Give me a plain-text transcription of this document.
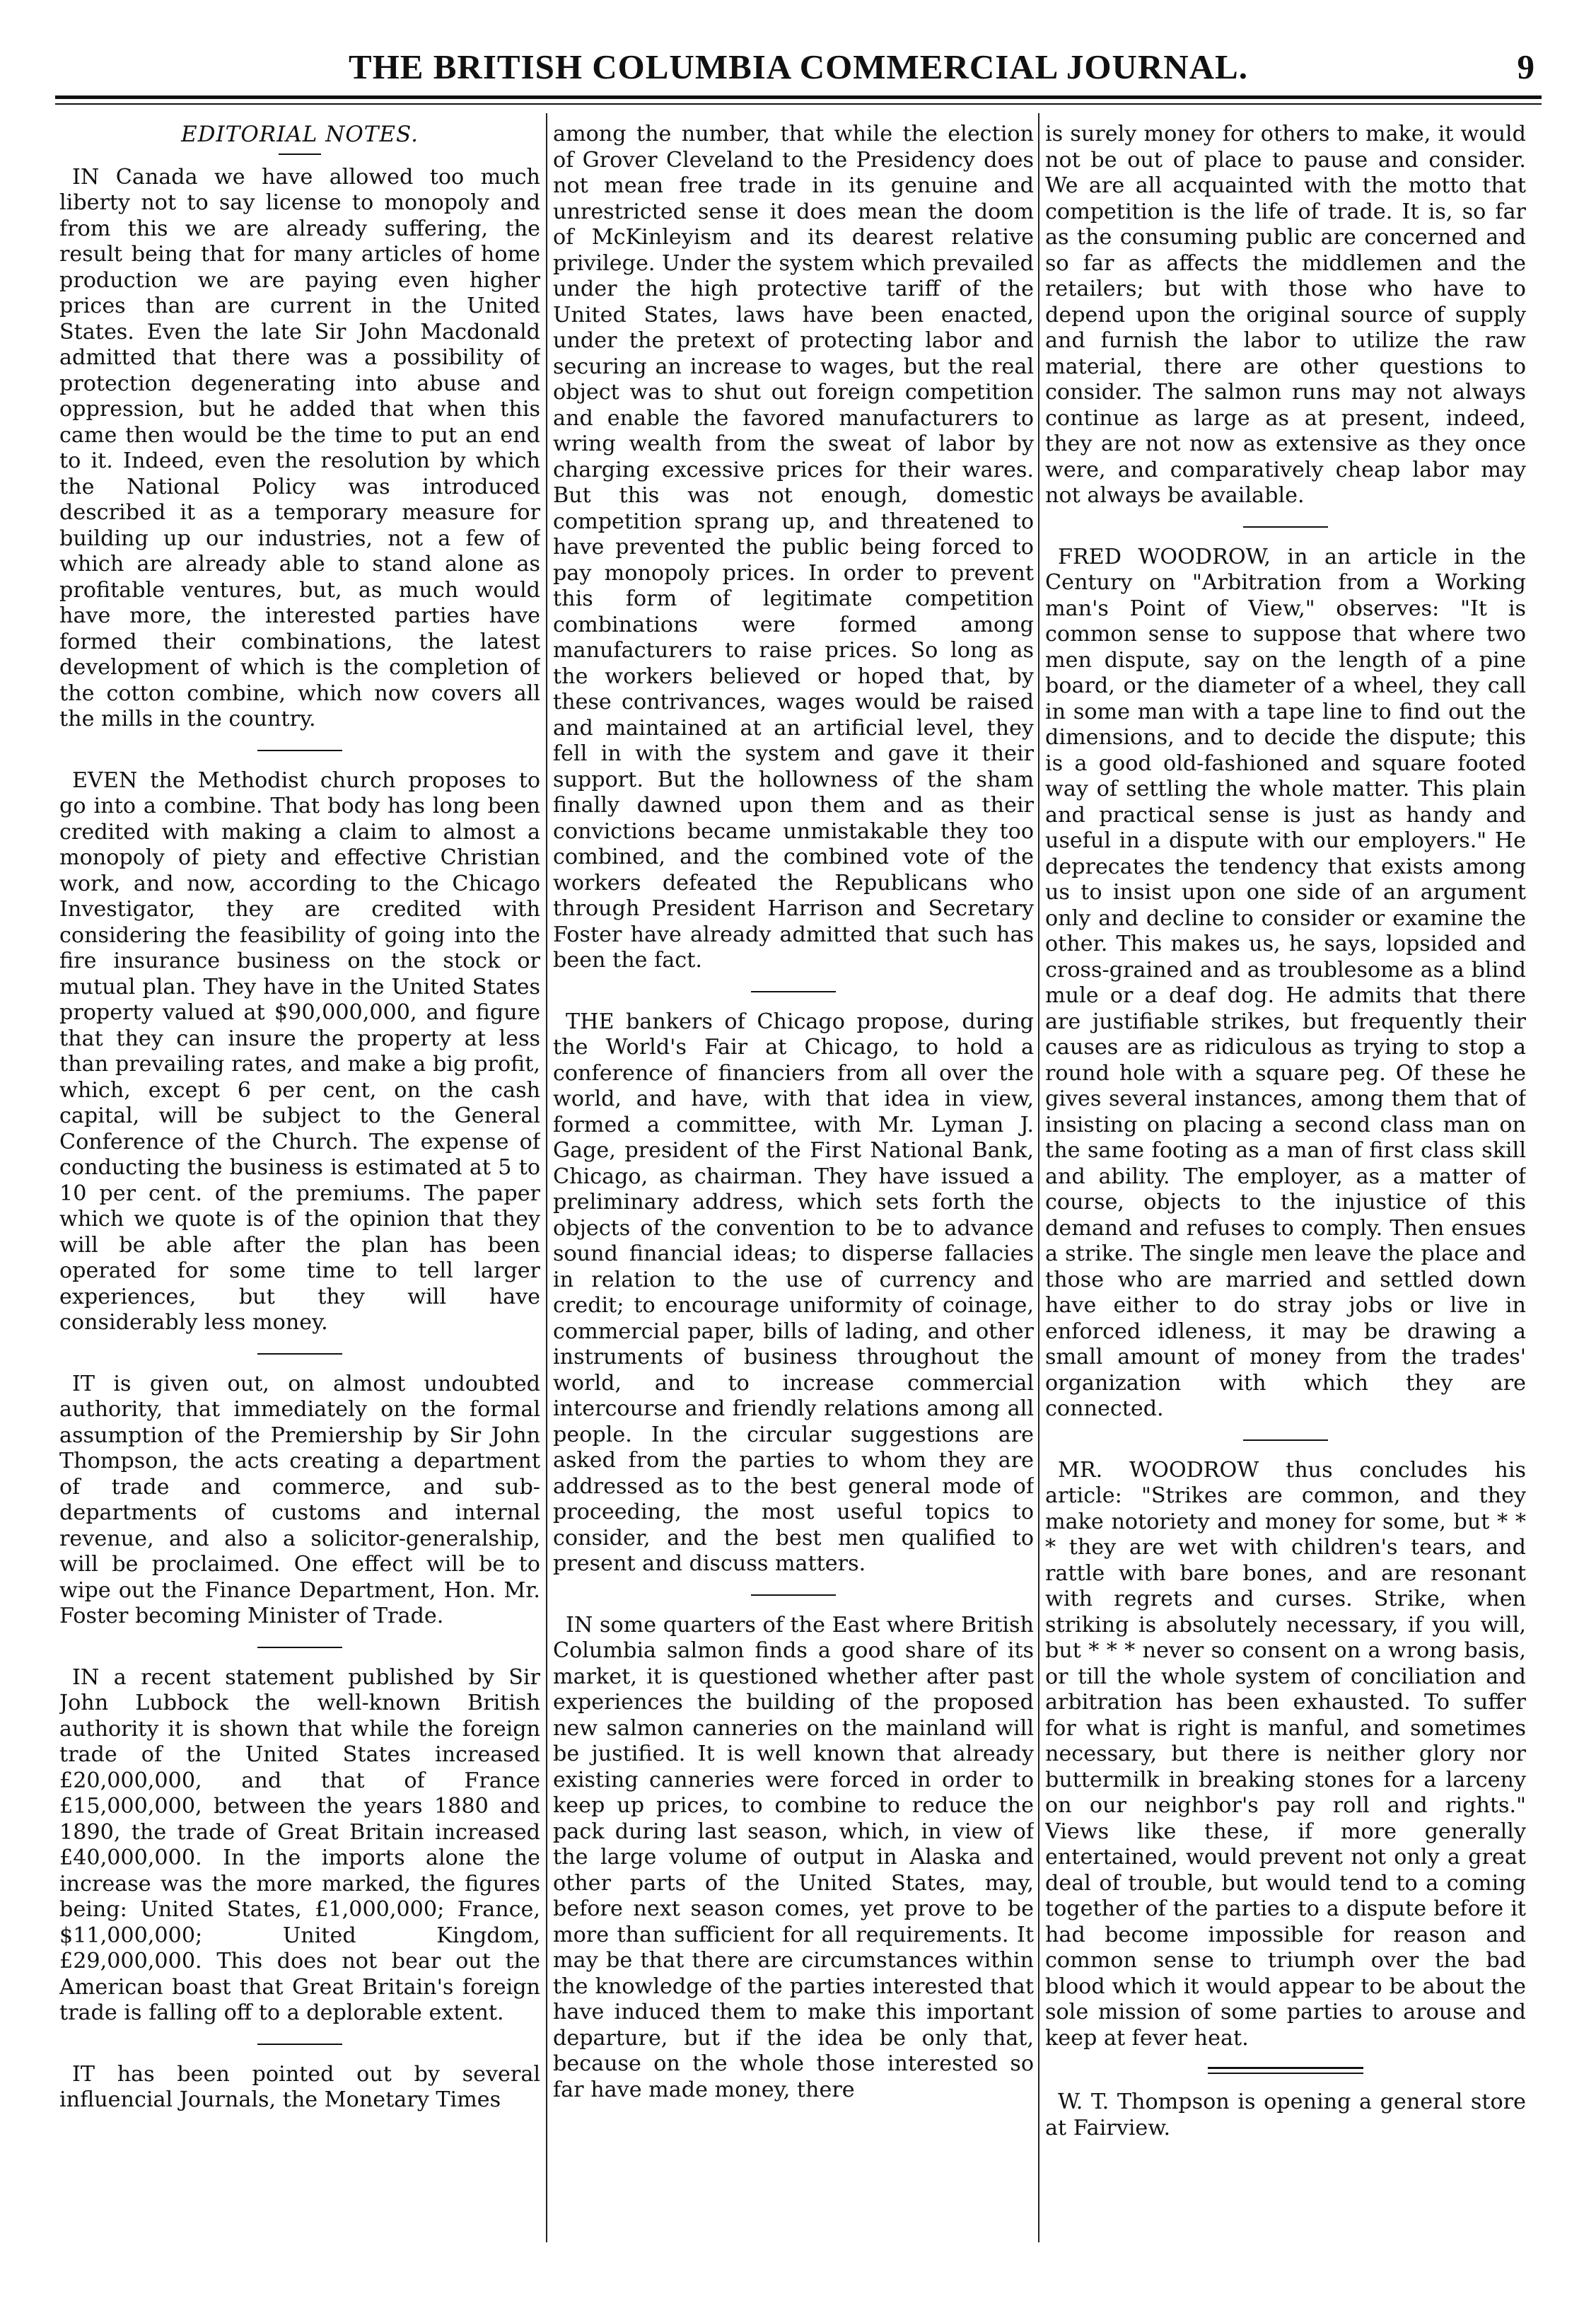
THE BRITISH COLUMBIA COMMERCIAL JOURNAL.	9
EDITORIAL NOTES.

IN Canada we have allowed too much liberty not to say license to monopoly and from this we are already suffering, the result being that for many articles of home production we are paying even higher prices than are current in the United States. Even the late Sir John Macdonald admitted that there was a possibility of protection degenerating into abuse and oppression, but he added that when this came then would be the time to put an end to it. Indeed, even the resolution by which the National Policy was introduced described it as a temporary measure for building up our industries, not a few of which are already able to stand alone as profitable ventures, but, as much would have more, the interested parties have formed their combinations, the latest development of which is the completion of the cotton combine, which now covers all the mills in the country.

EVEN the Methodist church proposes to go into a combine. That body has long been credited with making a claim to almost a monopoly of piety and effective Christian work, and now, according to the Chicago Investigator, they are credited with considering the feasibility of going into the fire insurance business on the stock or mutual plan. They have in the United States property valued at $90,000,000, and figure that they can insure the property at less than prevailing rates, and make a big profit, which, except 6 per cent, on the cash capital, will be subject to the General Conference of the Church. The expense of conducting the business is estimated at 5 to 10 per cent. of the premiums. The paper which we quote is of the opinion that they will be able after the plan has been operated for some time to tell larger experiences, but they will have considerably less money.

IT is given out, on almost undoubted authority, that immediately on the formal assumption of the Premiership by Sir John Thompson, the acts creating a department of trade and commerce, and sub-departments of customs and internal revenue, and also a solicitor-generalship, will be proclaimed. One effect will be to wipe out the Finance Department, Hon. Mr. Foster becoming Minister of Trade.

IN a recent statement published by Sir John Lubbock the well-known British authority it is shown that while the foreign trade of the United States increased £20,000,000, and that of France £15,000,000, between the years 1880 and 1890, the trade of Great Britain increased £40,000,000. In the imports alone the increase was the more marked, the figures being: United States, £1,000,000; France, $11,000,000; United Kingdom, £29,000,000. This does not bear out the American boast that Great Britain's foreign trade is falling off to a deplorable extent.

IT has been pointed out by several influencial Journals, the Monetary Times

among the number, that while the election of Grover Cleveland to the Presidency does not mean free trade in its genuine and unrestricted sense it does mean the doom of McKinleyism and its dearest relative privilege. Under the system which prevailed under the high protective tariff of the United States, laws have been enacted, under the pretext of protecting labor and securing an increase to wages, but the real object was to shut out foreign competition and enable the favored manufacturers to wring wealth from the sweat of labor by charging excessive prices for their wares. But this was not enough, domestic competition sprang up, and threatened to have prevented the public being forced to pay monopoly prices. In order to prevent this form of legitimate competition combinations were formed among manufacturers to raise prices. So long as the workers believed or hoped that, by these contrivances, wages would be raised and maintained at an artificial level, they fell in with the system and gave it their support. But the hollowness of the sham finally dawned upon them and as their convictions became unmistakable they too combined, and the combined vote of the workers defeated the Republicans who through President Harrison and Secretary Foster have already admitted that such has been the fact.

THE bankers of Chicago propose, during the World's Fair at Chicago, to hold a conference of financiers from all over the world, and have, with that idea in view, formed a committee, with Mr. Lyman J. Gage, president of the First National Bank, Chicago, as chairman. They have issued a preliminary address, which sets forth the objects of the convention to be to advance sound financial ideas; to disperse fallacies in relation to the use of currency and credit; to encourage uniformity of coinage, commercial paper, bills of lading, and other instruments of business throughout the world, and to increase commercial intercourse and friendly relations among all people. In the circular suggestions are asked from the parties to whom they are addressed as to the best general mode of proceeding, the most useful topics to consider, and the best men qualified to present and discuss matters.

IN some quarters of the East where British Columbia salmon finds a good share of its market, it is questioned whether after past experiences the building of the proposed new salmon canneries on the mainland will be justified. It is well known that already existing canneries were forced in order to keep up prices, to combine to reduce the pack during last season, which, in view of the large volume of output in Alaska and other parts of the United States, may, before next season comes, yet prove to be more than sufficient for all requirements. It may be that there are circumstances within the knowledge of the parties interested that have induced them to make this important departure, but if the idea be only that, because on the whole those interested so far have made money, there

is surely money for others to make, it would not be out of place to pause and consider. We are all acquainted with the motto that competition is the life of trade. It is, so far as the consuming public are concerned and so far as affects the middlemen and the retailers; but with those who have to depend upon the original source of supply and furnish the labor to utilize the raw material, there are other questions to consider. The salmon runs may not always continue as large as at present, indeed, they are not now as extensive as they once were, and comparatively cheap labor may not always be available.

FRED WOODROW, in an article in the Century on "Arbitration from a Working man's Point of View," observes: "It is common sense to suppose that where two men dispute, say on the length of a pine board, or the diameter of a wheel, they call in some man with a tape line to find out the dimensions, and to decide the dispute; this is a good old-fashioned and square footed way of settling the whole matter. This plain and practical sense is just as handy and useful in a dispute with our employers." He deprecates the tendency that exists among us to insist upon one side of an argument only and decline to consider or examine the other. This makes us, he says, lopsided and cross-grained and as troublesome as a blind mule or a deaf dog. He admits that there are justifiable strikes, but frequently their causes are as ridiculous as trying to stop a round hole with a square peg. Of these he gives several instances, among them that of insisting on placing a second class man on the same footing as a man of first class skill and ability. The employer, as a matter of course, objects to the injustice of this demand and refuses to comply. Then ensues a strike. The single men leave the place and those who are married and settled down have either to do stray jobs or live in enforced idleness, it may be drawing a small amount of money from the trades' organization with which they are connected.

MR. WOODROW thus concludes his article: "Strikes are common, and they make notoriety and money for some, but * * * they are wet with children's tears, and rattle with bare bones, and are resonant with regrets and curses. Strike, when striking is absolutely necessary, if you will, but * * * never so consent on a wrong basis, or till the whole system of conciliation and arbitration has been exhausted. To suffer for what is right is manful, and sometimes necessary, but there is neither glory nor buttermilk in breaking stones for a larceny on our neighbor's pay roll and rights." Views like these, if more generally entertained, would prevent not only a great deal of trouble, but would tend to a coming together of the parties to a dispute before it had become impossible for reason and common sense to triumph over the bad blood which it would appear to be about the sole mission of some parties to arouse and keep at fever heat.

W. T. Thompson is opening a general store at Fairview.
